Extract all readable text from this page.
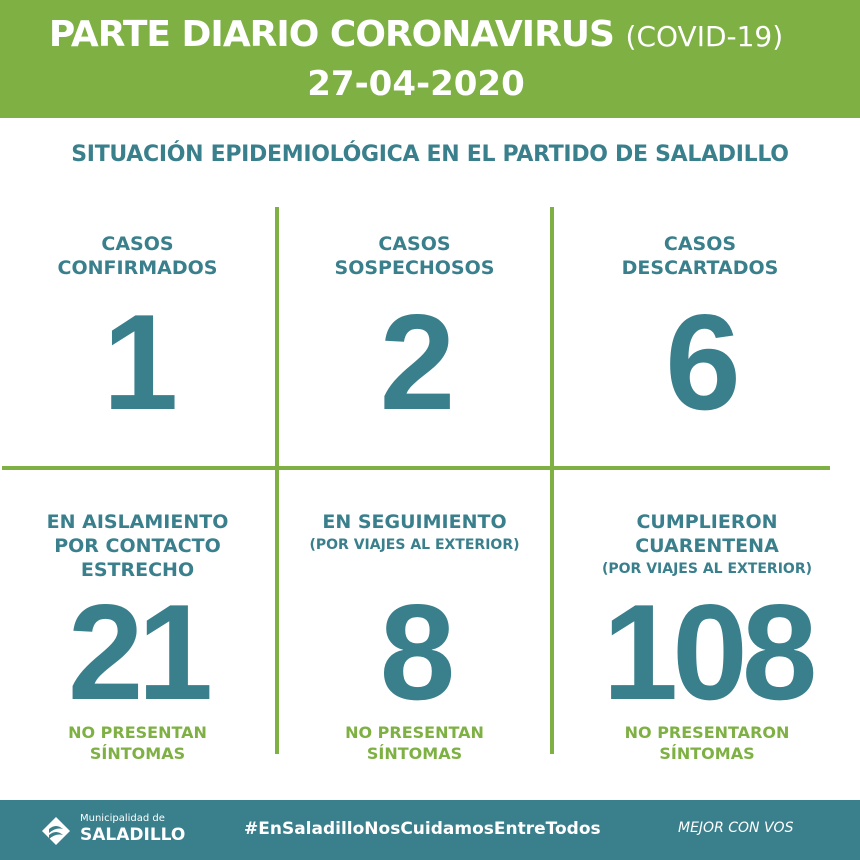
PARTE DIARIO CORONAVIRUS (COVID-19)
27-04-2020
SITUACIÓN EPIDEMIOLÓGICA EN EL PARTIDO DE SALADILLO
CASOS
CONFIRMADOS
1
CASOS
SOSPECHOSOS
2
CASOS
DESCARTADOS
6
EN AISLAMIENTO
POR CONTACTO
ESTRECHO
21
NO PRESENTAN
SÍNTOMAS
EN SEGUIMIENTO
(POR VIAJES AL EXTERIOR)
8
NO PRESENTAN
SÍNTOMAS
CUMPLIERON
CUARENTENA
(POR VIAJES AL EXTERIOR)
108
NO PRESENTARON
SÍNTOMAS
Municipalidad de
SALADILLO	#EnSaladilloNosCuidamosEntreTodos	MEJOR CON VOS
